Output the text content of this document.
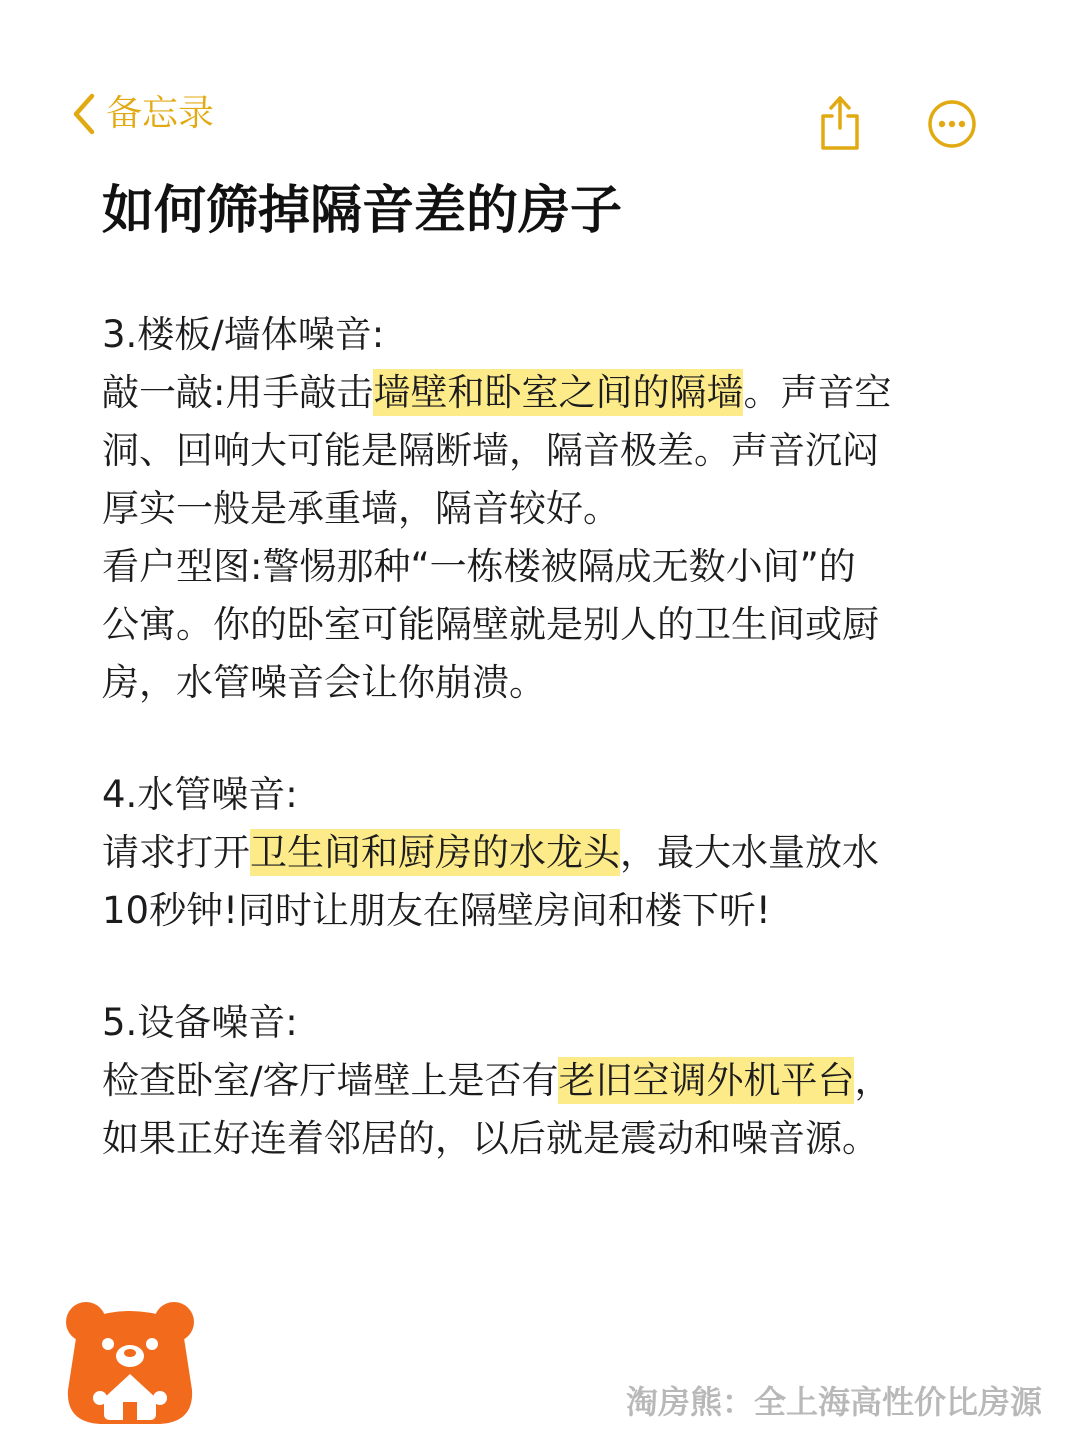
备忘录
如何筛掉隔音差的房子
3.楼板/墙体噪音:
敲一敲:用手敲击墙壁和卧室之间的隔墙。声音空
洞、回响大可能是隔断墙，隔音极差。声音沉闷
厚实一般是承重墙，隔音较好。
看户型图:警惕那种“一栋楼被隔成无数小间”的
公寓。你的卧室可能隔壁就是别人的卫生间或厨
房，水管噪音会让你崩溃。
4.水管噪音:
请求打开卫生间和厨房的水龙头，最大水量放水
10秒钟!同时让朋友在隔壁房间和楼下听!
5.设备噪音:
检查卧室/客厅墙壁上是否有老旧空调外机平台，
如果正好连着邻居的，以后就是震动和噪音源。
淘房熊：全上海高性价比房源
